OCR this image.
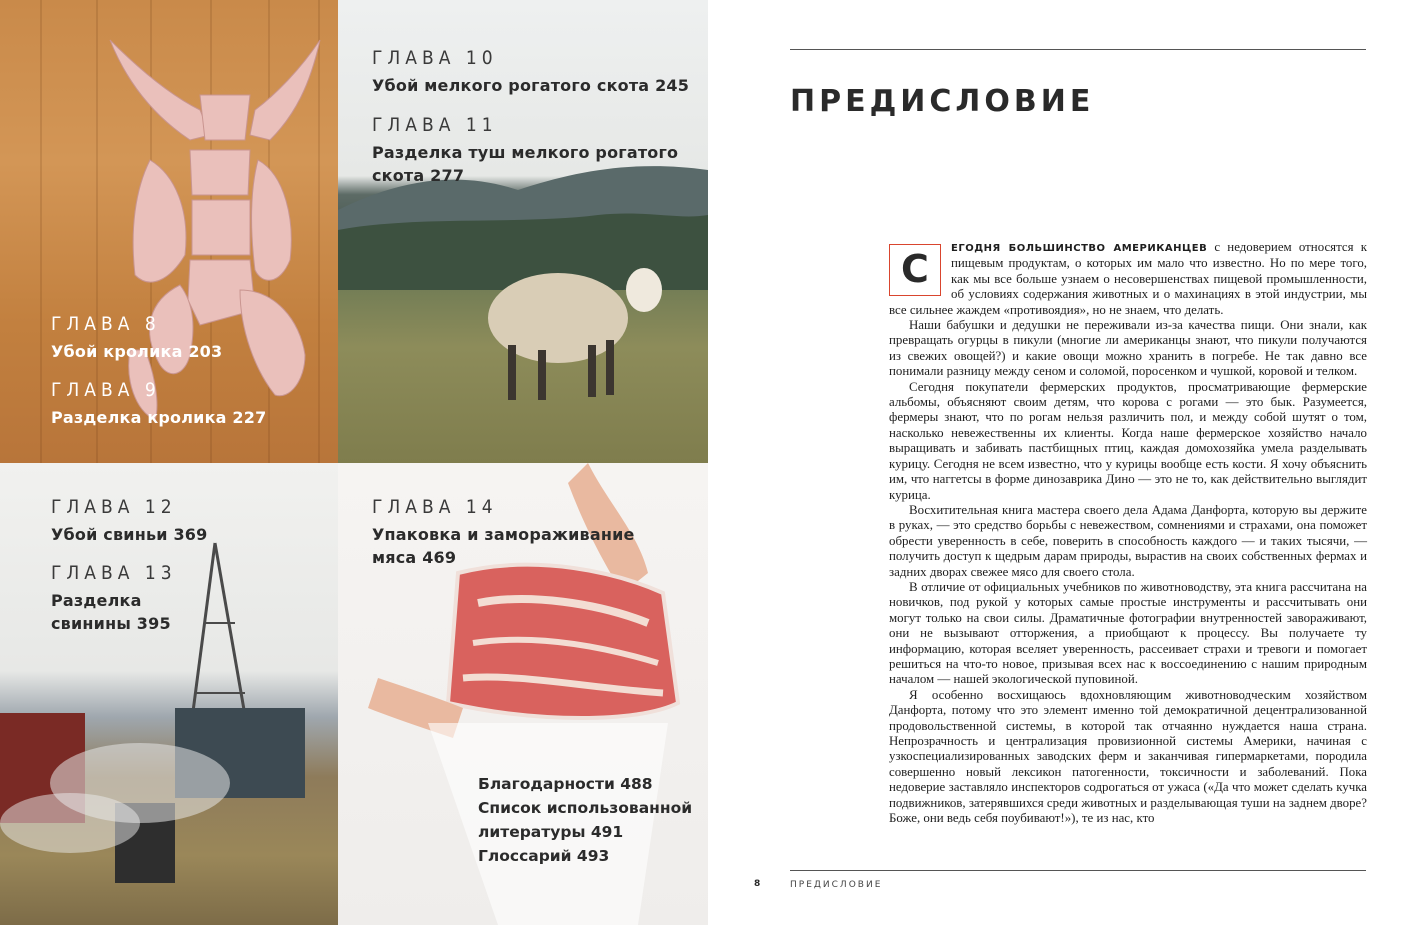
ГЛАВА 8
Убой кролика 203
ГЛАВА 9
Разделка кролика 227
ГЛАВА 10
Убой мелкого рогатого скота 245
ГЛАВА 11
Разделка туш мелкого рогатого
скота 277
ГЛАВА 12
Убой свиньи 369
ГЛАВА 13
Разделка
свинины 395
ГЛАВА 14
Упаковка и замораживание
мяса 469
Благодарности 488
Список использованной
литературы 491
Глоссарий 493
ПРЕДИСЛОВИЕ

С	ЕГОДНЯ БОЛЬШИНСТВО АМЕРИКАНЦЕВ с недоверием относятся к пищевым продуктам, о которых им мало что известно. Но по мере того, как мы все больше узнаем о несовершенствах пищевой промышленности, об условиях содержания животных и о махинациях в этой индустрии, мы все сильнее жаждем «противоядия», но не знаем, что делать.

Наши бабушки и дедушки не переживали из-за качества пищи. Они знали, как превращать огурцы в пикули (многие ли американцы знают, что пикули получаются из свежих овощей?) и какие овощи можно хранить в погребе. Не так давно все понимали разницу между сеном и соломой, поросенком и чушкой, коровой и телком.

Сегодня покупатели фермерских продуктов, просматривающие фермерские альбомы, объясняют своим детям, что корова с рогами — это бык. Разумеется, фермеры знают, что по рогам нельзя различить пол, и между собой шутят о том, насколько невежественны их клиенты. Когда наше фермерское хозяйство начало выращивать и забивать пастбищных птиц, каждая домохозяйка умела разделывать курицу. Сегодня не всем известно, что у курицы вообще есть кости. Я хочу объяснить им, что наггетсы в форме динозаврика Дино — это не то, как действительно выглядит курица.

Восхитительная книга мастера своего дела Адама Данфорта, которую вы держите в руках, — это средство борьбы с невежеством, сомнениями и страхами, она поможет обрести уверенность в себе, поверить в способность каждого — и таких тысячи, — получить доступ к щедрым дарам природы, вырастив на своих собственных фермах и задних дворах свежее мясо для своего стола.

В отличие от официальных учебников по животноводству, эта книга рассчитана на новичков, под рукой у которых самые простые инструменты и рассчитывать они могут только на свои силы. Драматичные фотографии внутренностей завораживают, они не вызывают отторжения, а приобщают к процессу. Вы получаете ту информацию, которая вселяет уверенность, рассеивает страхи и тревоги и помогает решиться на что-то новое, призывая всех нас к воссоединению с нашим природным началом — нашей экологической пуповиной.

Я особенно восхищаюсь вдохновляющим животноводческим хозяйством Данфорта, потому что это элемент именно той демократичной децентрализованной продовольственной системы, в которой так отчаянно нуждается наша страна. Непрозрачность и централизация провизионной системы Америки, начиная с узкоспециализированных заводских ферм и заканчивая гипермаркетами, породила совершенно новый лексикон патогенности, токсичности и заболеваний. Пока недоверие заставляло инспекторов содрогаться от ужаса («Да что может сделать кучка подвижников, затерявшихся среди животных и разделывающая туши на заднем дворе? Боже, они ведь себя поубивают!»), те из нас, кто

8	ПРЕДИСЛОВИЕ
